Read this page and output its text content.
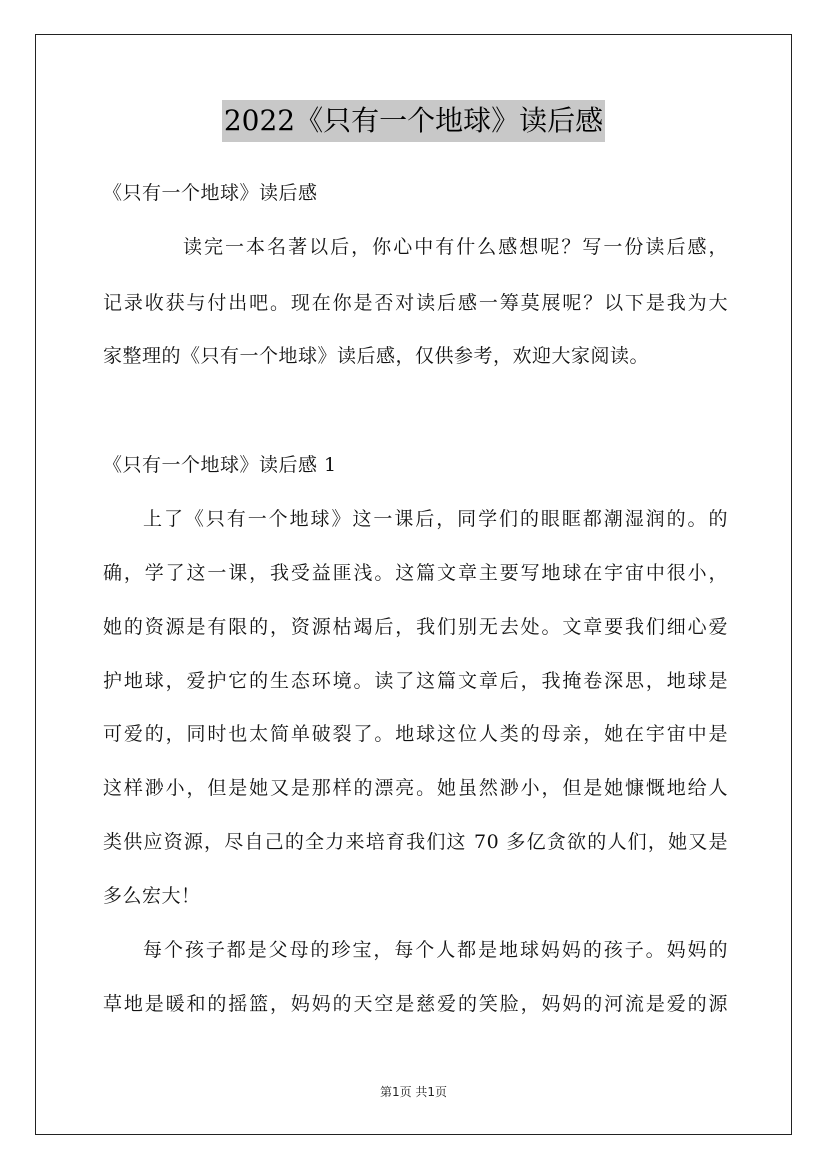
2022《只有一个地球》读后感
《只有一个地球》读后感
读完一本名著以后，你心中有什么感想呢？写一份读后感，
记录收获与付出吧。现在你是否对读后感一筹莫展呢？以下是我为大
家整理的《只有一个地球》读后感，仅供参考，欢迎大家阅读。
《只有一个地球》读后感 1
上了《只有一个地球》这一课后，同学们的眼眶都潮湿润的。的
确，学了这一课，我受益匪浅。这篇文章主要写地球在宇宙中很小，
她的资源是有限的，资源枯竭后，我们别无去处。文章要我们细心爱
护地球，爱护它的生态环境。读了这篇文章后，我掩卷深思，地球是
可爱的，同时也太简单破裂了。地球这位人类的母亲，她在宇宙中是
这样渺小，但是她又是那样的漂亮。她虽然渺小，但是她慷慨地给人
类供应资源，尽自己的全力来培育我们这 70 多亿贪欲的人们，她又是
多么宏大！
每个孩子都是父母的珍宝，每个人都是地球妈妈的孩子。妈妈的
草地是暖和的摇篮，妈妈的天空是慈爱的笑脸，妈妈的河流是爱的源
第1页 共1页
